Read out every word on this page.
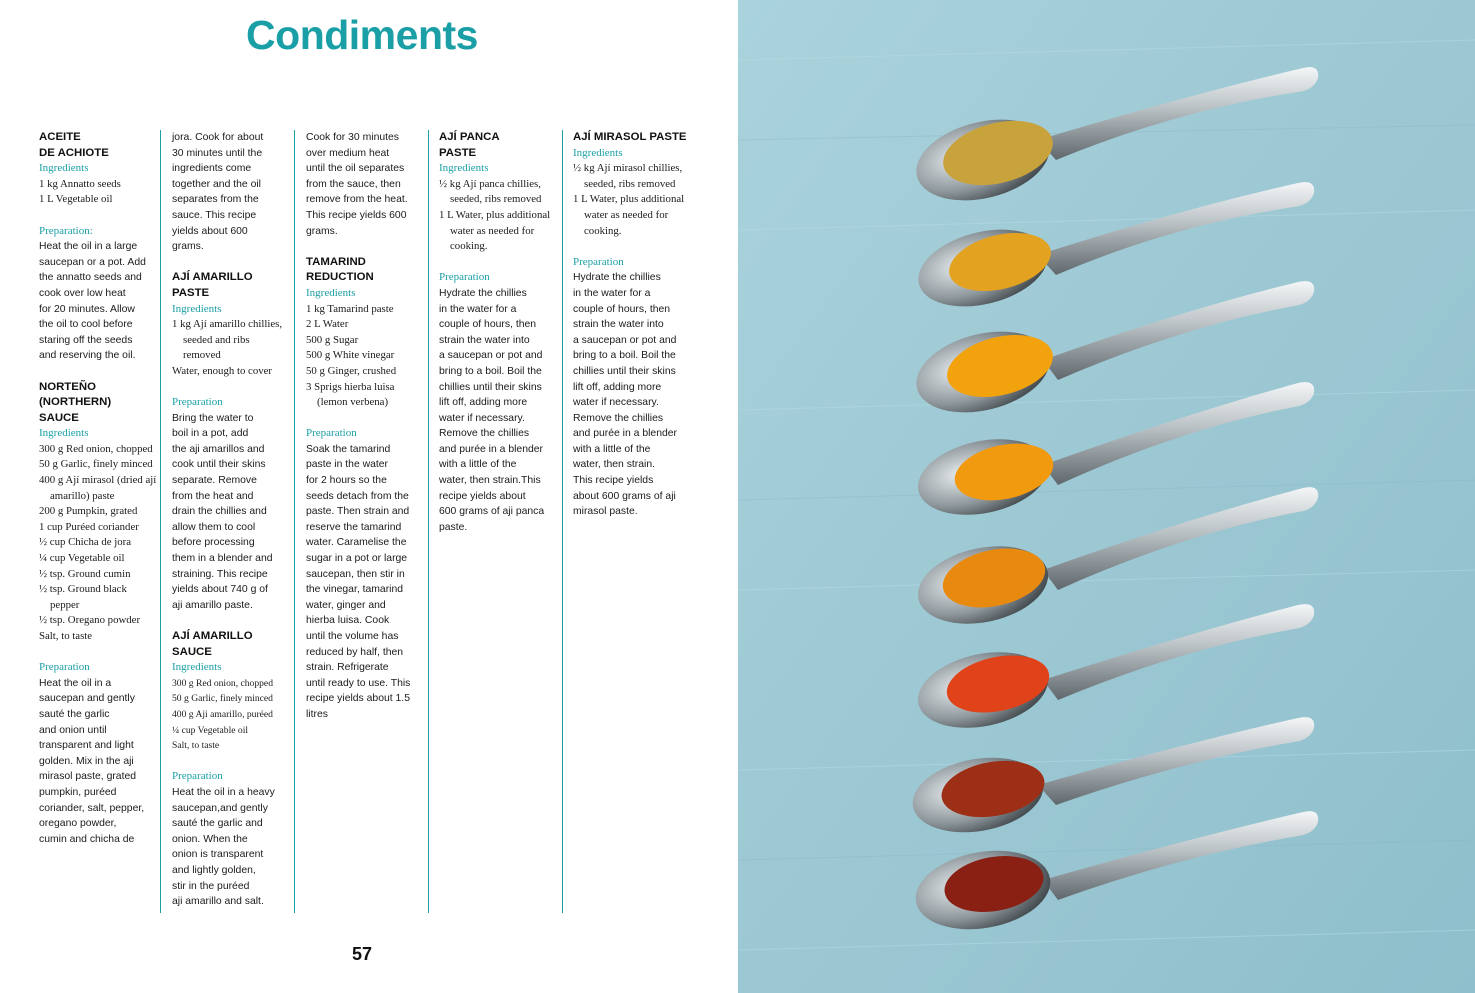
Condiments
ACEITE
DE ACHIOTE
Ingredients
1 kg Annatto seeds
1 L Vegetable oil
Preparation:
Heat the oil in a large
saucepan or a pot. Add
the annatto seeds and
cook over low heat
for 20 minutes. Allow
the oil to cool before
staring off the seeds
and reserving the oil.
NORTEÑO
(NORTHERN)
SAUCE
Ingredients
300 g Red onion, chopped
50 g Garlic, finely minced
400 g Ají mirasol (dried ají amarillo) paste
200 g Pumpkin, grated
1 cup Puréed coriander
½ cup Chicha de jora
¼ cup Vegetable oil
½ tsp. Ground cumin
½ tsp. Ground black pepper
½ tsp. Oregano powder
Salt, to taste
Preparation
Heat the oil in a
saucepan and gently
sauté the garlic
and onion until
transparent and light
golden. Mix in the aji
mirasol paste, grated
pumpkin, puréed
coriander, salt, pepper,
oregano powder,
cumin and chicha de
jora. Cook for about
30 minutes until the
ingredients come
together and the oil
separates from the
sauce. This recipe
yields about 600
grams.
AJÍ AMARILLO
PASTE
Ingredients
1 kg Ají amarillo chillies, seeded and ribs removed
Water, enough to cover
Preparation
Bring the water to
boil in a pot, add
the aji amarillos and
cook until their skins
separate. Remove
from the heat and
drain the chillies and
allow them to cool
before processing
them in a blender and
straining. This recipe
yields about 740 g of
aji amarillo paste.
AJÍ AMARILLO
SAUCE
Ingredients
300 g Red onion, chopped
50 g Garlic, finely minced
400 g Aji amarillo, puréed
¼ cup Vegetable oil
Salt, to taste
Preparation
Heat the oil in a heavy
saucepan,and gently
sauté the garlic and
onion. When the
onion is transparent
and lightly golden,
stir in the puréed
aji amarillo and salt.
Cook for 30 minutes
over medium heat
until the oil separates
from the sauce, then
remove from the heat.
This recipe yields 600
grams.
TAMARIND
REDUCTION
Ingredients
1 kg Tamarind paste
2 L Water
500 g Sugar
500 g White vinegar
50 g Ginger, crushed
3 Sprigs hierba luisa (lemon verbena)
Preparation
Soak the tamarind
paste in the water
for 2 hours so the
seeds detach from the
paste. Then strain and
reserve the tamarind
water. Caramelise the
sugar in a pot or large
saucepan, then stir in
the vinegar, tamarind
water, ginger and
hierba luisa. Cook
until the volume has
reduced by half, then
strain. Refrigerate
until ready to use. This
recipe yields about 1.5
litres
AJÍ PANCA
PASTE
Ingredients
½ kg Ají panca chillies, seeded, ribs removed
1 L Water, plus additional water as needed for cooking.
Preparation
Hydrate the chillies
in the water for a
couple of hours, then
strain the water into
a saucepan or pot and
bring to a boil. Boil the
chillies until their skins
lift off, adding more
water if necessary.
Remove the chillies
and purée in a blender
with a little of the
water, then strain.This
recipe yields about
600 grams of aji panca
paste.
AJÍ MIRASOL PASTE
Ingredients
½ kg Ají mirasol chillies, seeded, ribs removed
1 L Water, plus additional water as needed for cooking.
Preparation
Hydrate the chillies
in the water for a
couple of hours, then
strain the water into
a saucepan or pot and
bring to a boil. Boil the
chillies until their skins
lift off, adding more
water if necessary.
Remove the chillies
and purée in a blender
with a little of the
water, then strain.
This recipe yields
about 600 grams of aji
mirasol paste.
57
